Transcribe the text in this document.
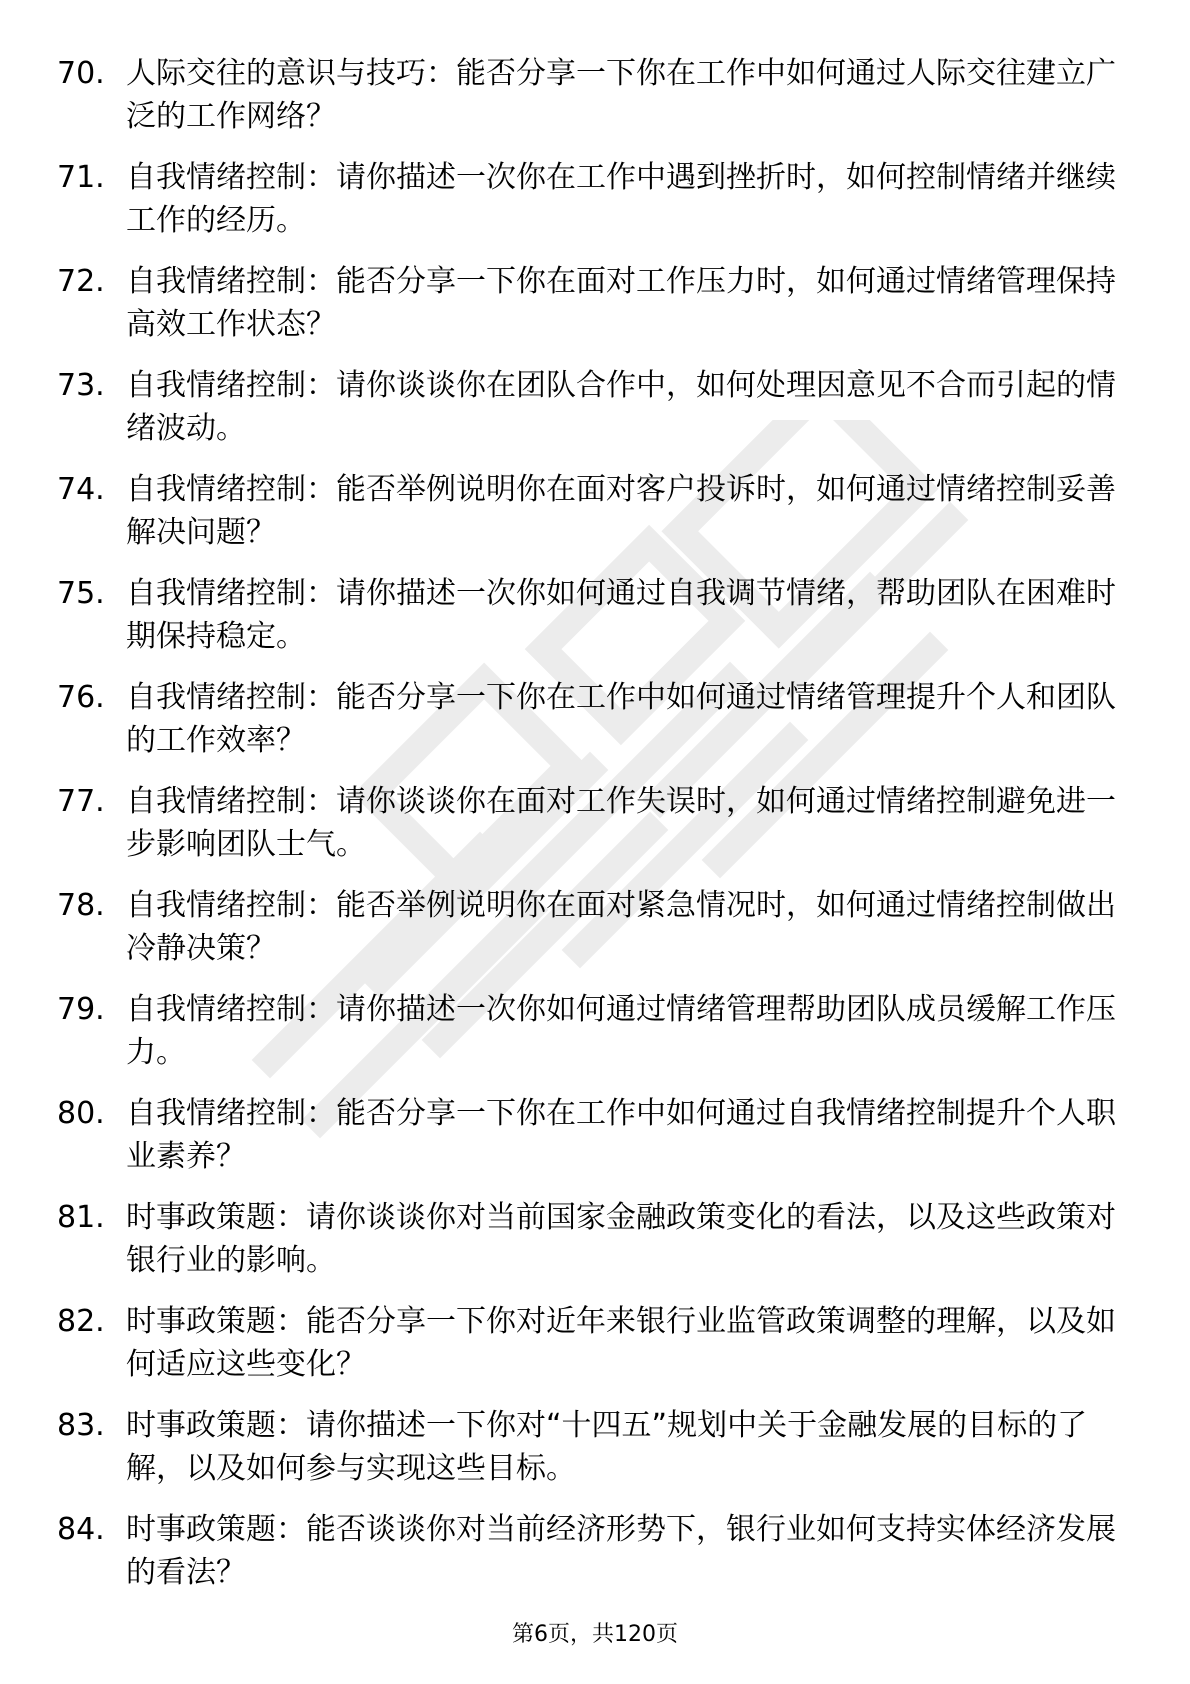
70. 人际交往的意识与技巧：能否分享一下你在工作中如何通过人际交往建立广泛的工作网络？
71. 自我情绪控制：请你描述一次你在工作中遇到挫折时，如何控制情绪并继续工作的经历。
72. 自我情绪控制：能否分享一下你在面对工作压力时，如何通过情绪管理保持高效工作状态？
73. 自我情绪控制：请你谈谈你在团队合作中，如何处理因意见不合而引起的情绪波动。
74. 自我情绪控制：能否举例说明你在面对客户投诉时，如何通过情绪控制妥善解决问题？
75. 自我情绪控制：请你描述一次你如何通过自我调节情绪，帮助团队在困难时期保持稳定。
76. 自我情绪控制：能否分享一下你在工作中如何通过情绪管理提升个人和团队的工作效率？
77. 自我情绪控制：请你谈谈你在面对工作失误时，如何通过情绪控制避免进一步影响团队士气。
78. 自我情绪控制：能否举例说明你在面对紧急情况时，如何通过情绪控制做出冷静决策？
79. 自我情绪控制：请你描述一次你如何通过情绪管理帮助团队成员缓解工作压力。
80. 自我情绪控制：能否分享一下你在工作中如何通过自我情绪控制提升个人职业素养？
81. 时事政策题：请你谈谈你对当前国家金融政策变化的看法，以及这些政策对银行业的影响。
82. 时事政策题：能否分享一下你对近年来银行业监管政策调整的理解，以及如何适应这些变化？
83. 时事政策题：请你描述一下你对“十四五”规划中关于金融发展的目标的了解，以及如何参与实现这些目标。
84. 时事政策题：能否谈谈你对当前经济形势下，银行业如何支持实体经济发展的看法？
第6页，共120页
